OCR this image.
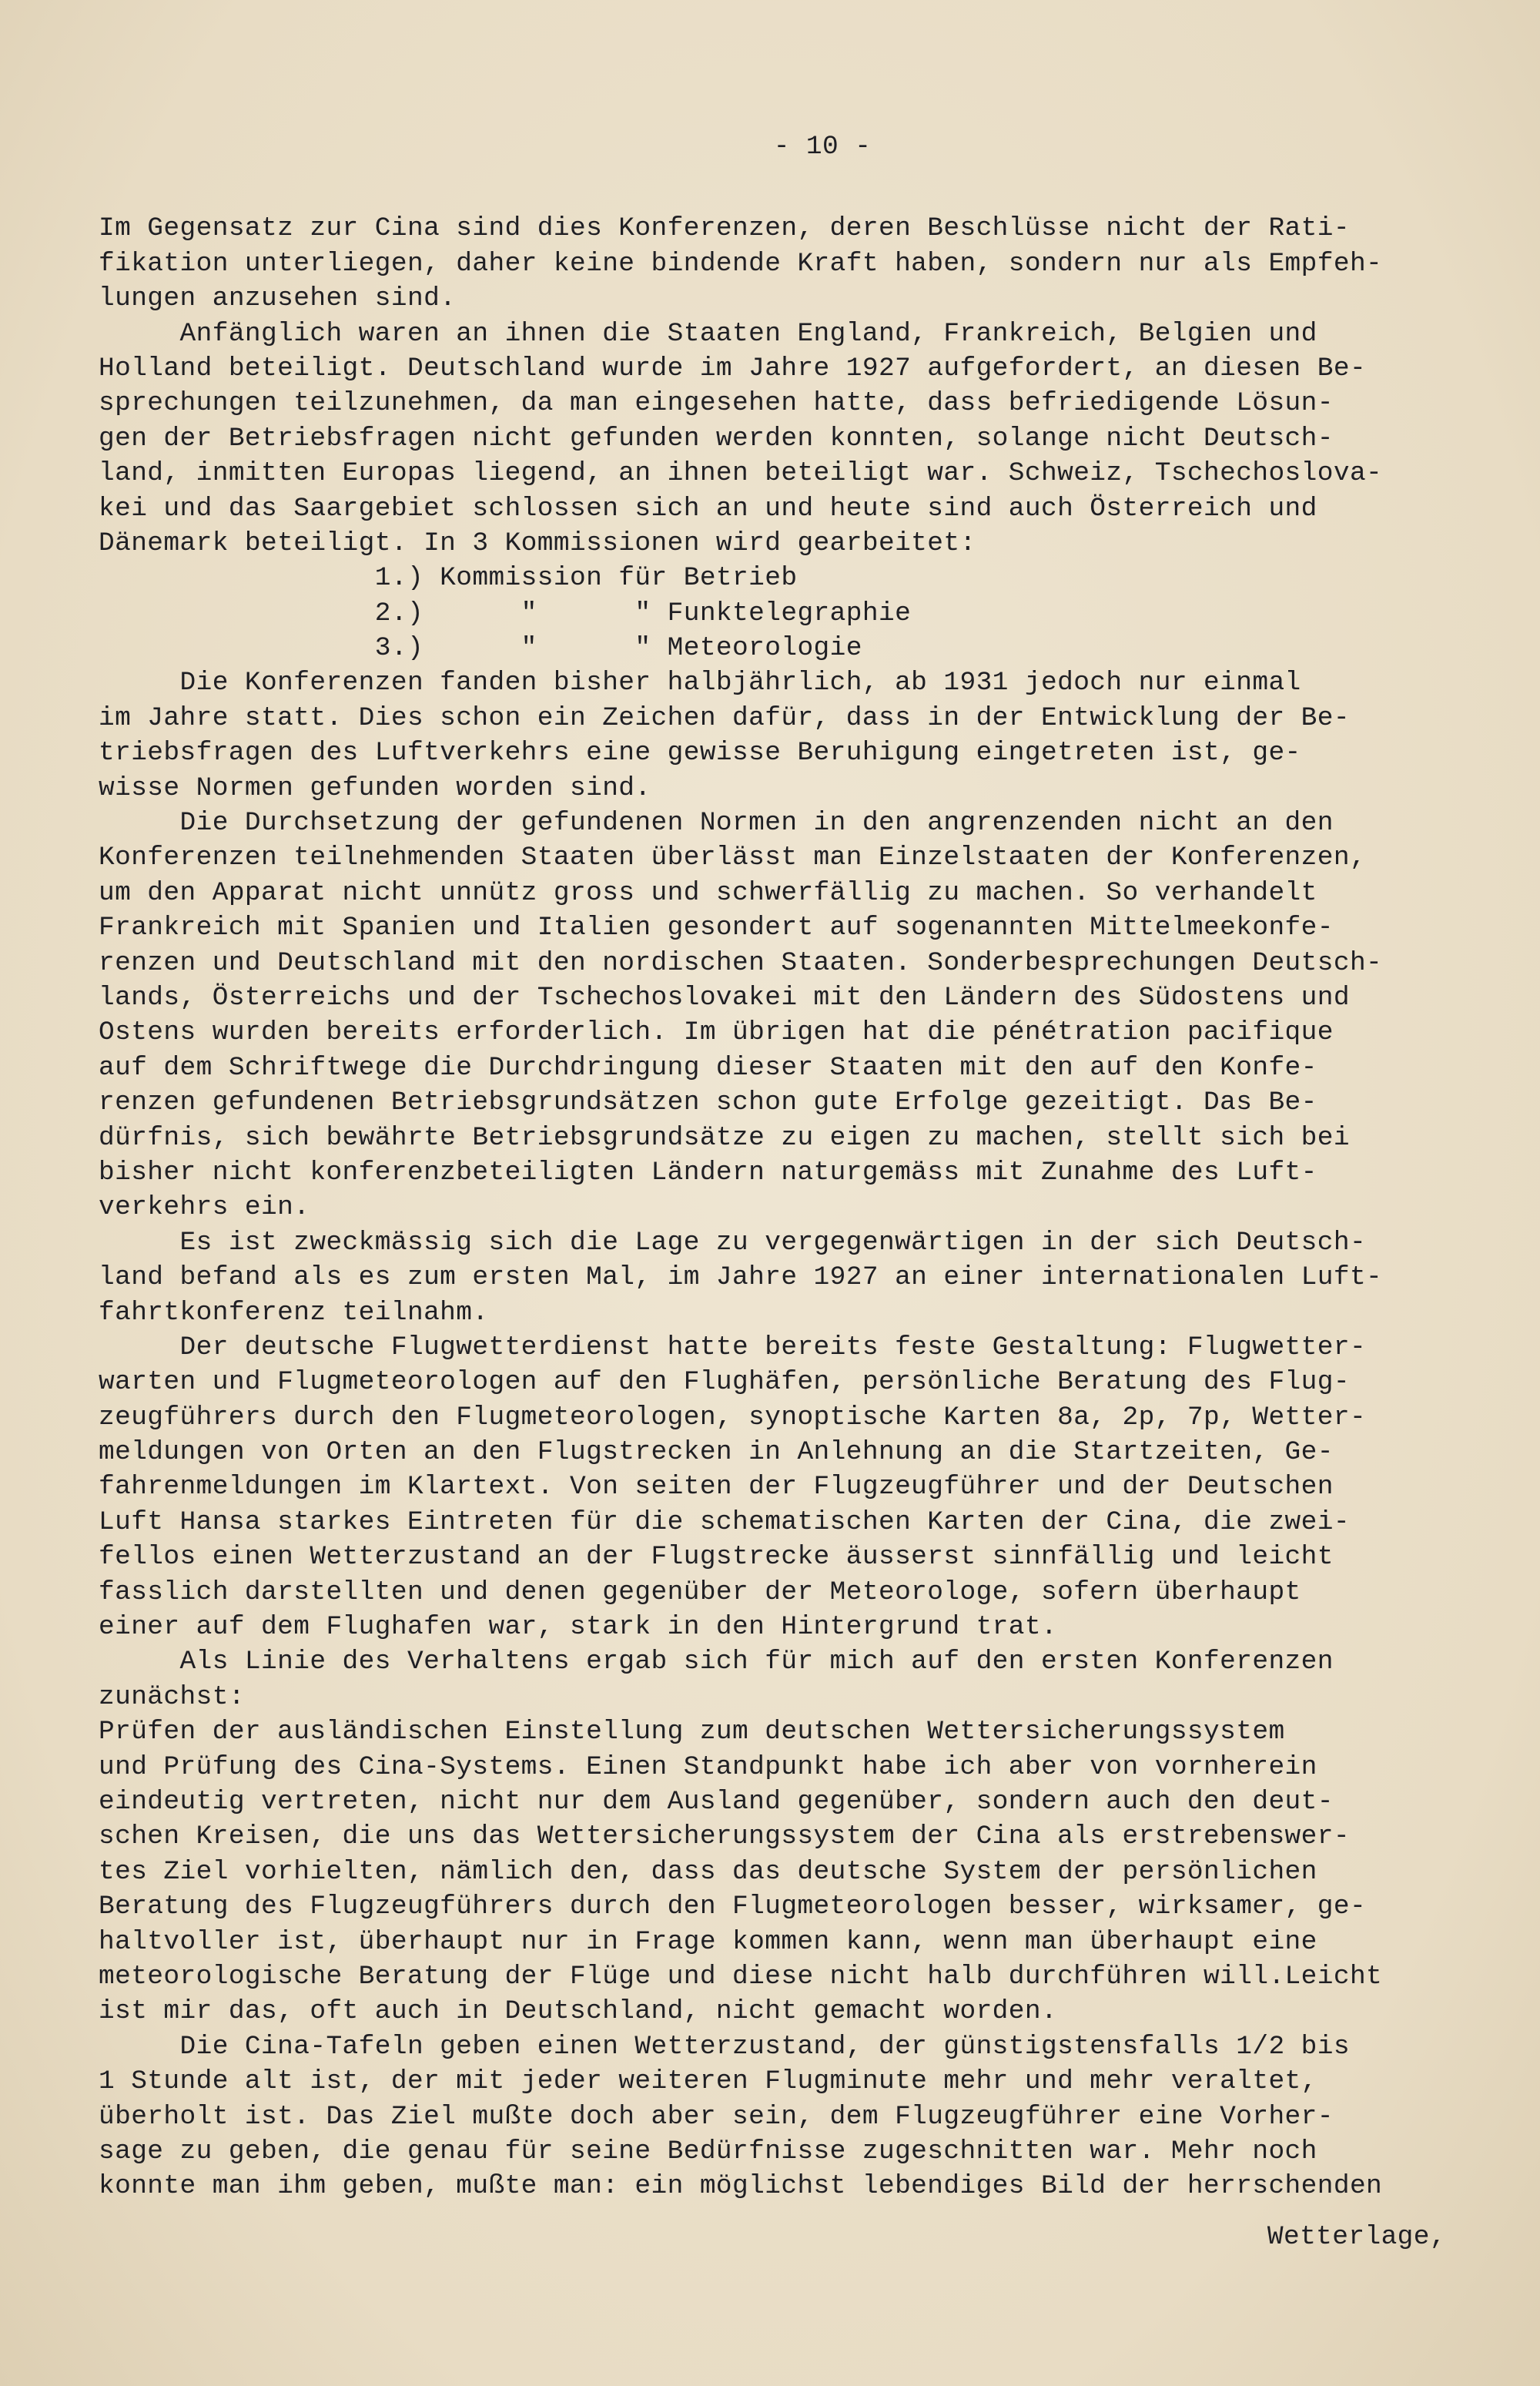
- 10 -
Im Gegensatz zur Cina sind dies Konferenzen, deren Beschlüsse nicht der Rati-
fikation unterliegen, daher keine bindende Kraft haben, sondern nur als Empfeh-
lungen anzusehen sind.
Anfänglich waren an ihnen die Staaten England, Frankreich, Belgien und
Holland beteiligt. Deutschland wurde im Jahre 1927 aufgefordert, an diesen Be-
sprechungen teilzunehmen, da man eingesehen hatte, dass befriedigende Lösun-
gen der Betriebsfragen nicht gefunden werden konnten, solange nicht Deutsch-
land, inmitten Europas liegend, an ihnen beteiligt war. Schweiz, Tschechoslova-
kei und das Saargebiet schlossen sich an und heute sind auch Österreich und
Dänemark beteiligt. In 3 Kommissionen wird gearbeitet:
1.) Kommission für Betrieb
2.)      "      " Funktelegraphie
3.)      "      " Meteorologie
Die Konferenzen fanden bisher halbjährlich, ab 1931 jedoch nur einmal
im Jahre statt. Dies schon ein Zeichen dafür, dass in der Entwicklung der Be-
triebsfragen des Luftverkehrs eine gewisse Beruhigung eingetreten ist, ge-
wisse Normen gefunden worden sind.
Die Durchsetzung der gefundenen Normen in den angrenzenden nicht an den
Konferenzen teilnehmenden Staaten überlässt man Einzelstaaten der Konferenzen,
um den Apparat nicht unnütz gross und schwerfällig zu machen. So verhandelt
Frankreich mit Spanien und Italien gesondert auf sogenannten Mittelmeekonfe-
renzen und Deutschland mit den nordischen Staaten. Sonderbesprechungen Deutsch-
lands, Österreichs und der Tschechoslovakei mit den Ländern des Südostens und
Ostens wurden bereits erforderlich. Im übrigen hat die pénétration pacifique
auf dem Schriftwege die Durchdringung dieser Staaten mit den auf den Konfe-
renzen gefundenen Betriebsgrundsätzen schon gute Erfolge gezeitigt. Das Be-
dürfnis, sich bewährte Betriebsgrundsätze zu eigen zu machen, stellt sich bei
bisher nicht konferenzbeteiligten Ländern naturgemäss mit Zunahme des Luft-
verkehrs ein.
Es ist zweckmässig sich die Lage zu vergegenwärtigen in der sich Deutsch-
land befand als es zum ersten Mal, im Jahre 1927 an einer internationalen Luft-
fahrtkonferenz teilnahm.
Der deutsche Flugwetterdienst hatte bereits feste Gestaltung: Flugwetter-
warten und Flugmeteorologen auf den Flughäfen, persönliche Beratung des Flug-
zeugführers durch den Flugmeteorologen, synoptische Karten 8a, 2p, 7p, Wetter-
meldungen von Orten an den Flugstrecken in Anlehnung an die Startzeiten, Ge-
fahrenmeldungen im Klartext. Von seiten der Flugzeugführer und der Deutschen
Luft Hansa starkes Eintreten für die schematischen Karten der Cina, die zwei-
fellos einen Wetterzustand an der Flugstrecke äusserst sinnfällig und leicht
fasslich darstellten und denen gegenüber der Meteorologe, sofern überhaupt
einer auf dem Flughafen war, stark in den Hintergrund trat.
Als Linie des Verhaltens ergab sich für mich auf den ersten Konferenzen
zunächst:
Prüfen der ausländischen Einstellung zum deutschen Wettersicherungssystem
und Prüfung des Cina-Systems. Einen Standpunkt habe ich aber von vornherein
eindeutig vertreten, nicht nur dem Ausland gegenüber, sondern auch den deut-
schen Kreisen, die uns das Wettersicherungssystem der Cina als erstrebenswer-
tes Ziel vorhielten, nämlich den, dass das deutsche System der persönlichen
Beratung des Flugzeugführers durch den Flugmeteorologen besser, wirksamer, ge-
haltvoller ist, überhaupt nur in Frage kommen kann, wenn man überhaupt eine
meteorologische Beratung der Flüge und diese nicht halb durchführen will.Leicht
ist mir das, oft auch in Deutschland, nicht gemacht worden.
Die Cina-Tafeln geben einen Wetterzustand, der günstigstensfalls 1/2 bis
1 Stunde alt ist, der mit jeder weiteren Flugminute mehr und mehr veraltet,
überholt ist. Das Ziel mußte doch aber sein, dem Flugzeugführer eine Vorher-
sage zu geben, die genau für seine Bedürfnisse zugeschnitten war. Mehr noch
konnte man ihm geben, mußte man: ein möglichst lebendiges Bild der herrschenden
Wetterlage,
